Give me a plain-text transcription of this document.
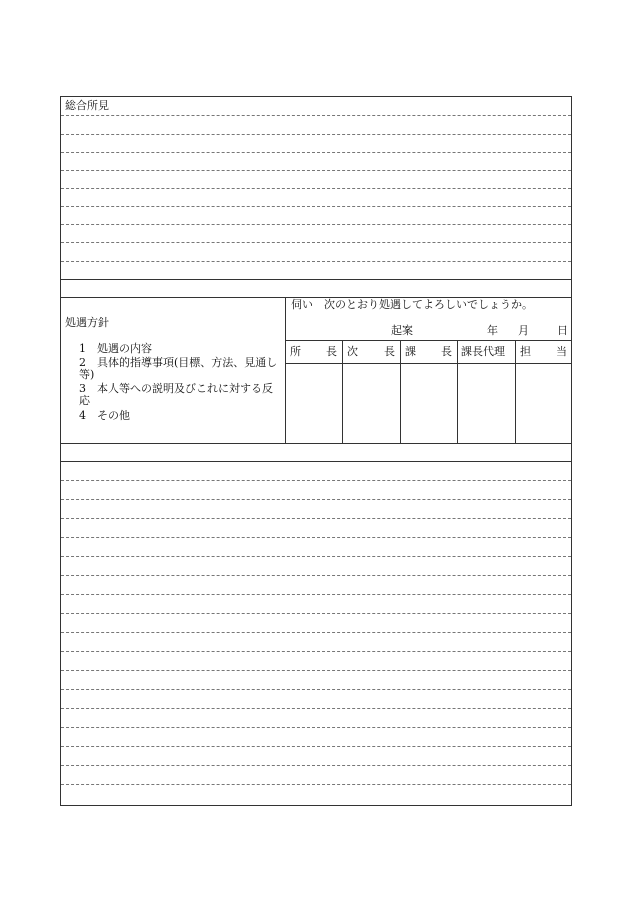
総合所見
処遇方針
1　 処遇の内容
2　 具体的指導事項(目標、方法、見通し等)
3　 本人等への説明及びこれに対する反応
4　 その他
伺い　次のとおり処遇してよろしいでしょうか。
起案	年 月	日
所 長 次 長 課 長 課長代理 担 当
